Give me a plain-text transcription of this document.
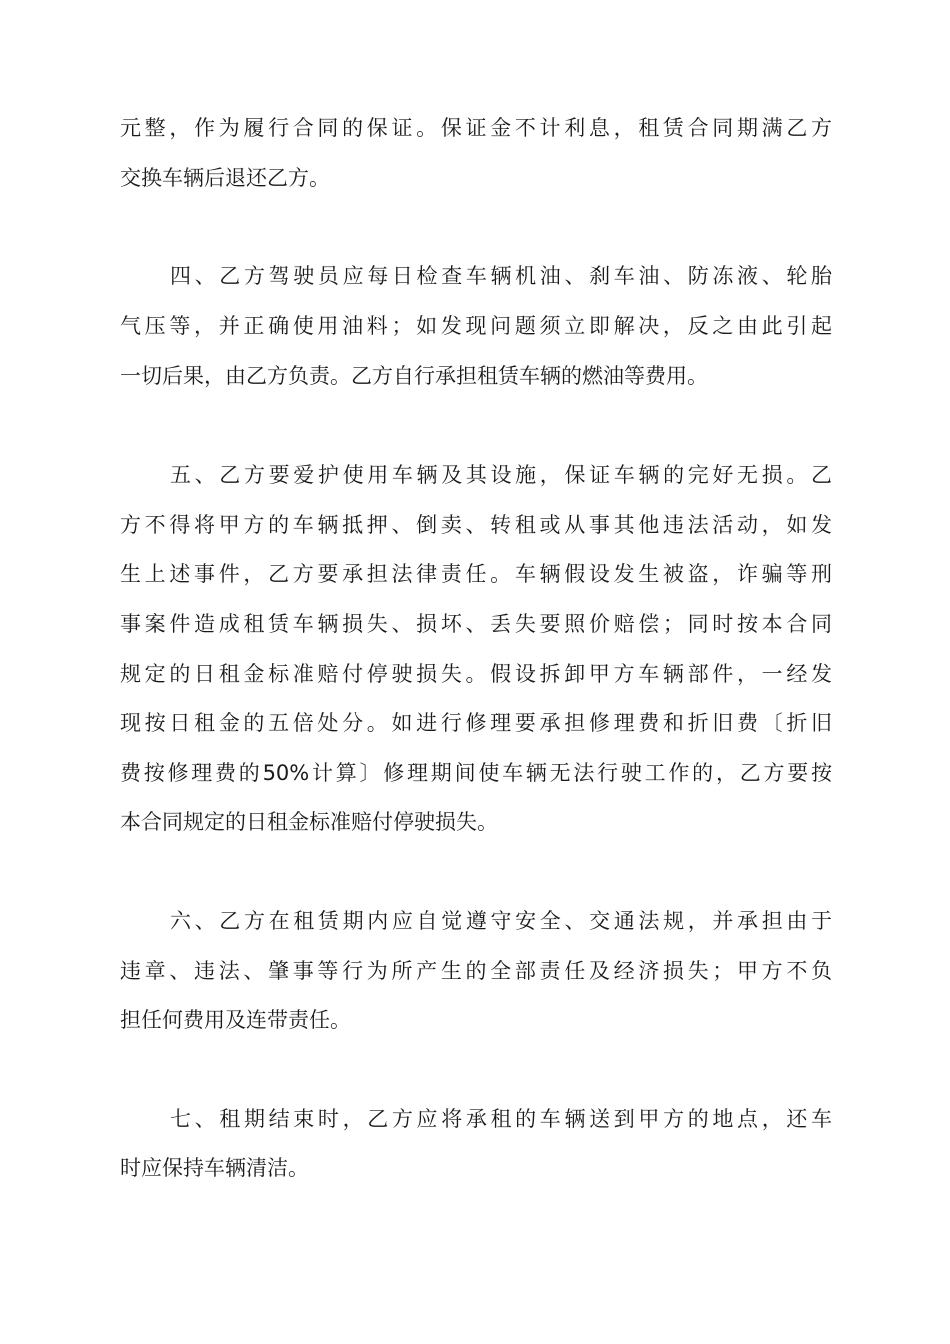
元整，作为履行合同的保证。保证金不计利息，租赁合同期满乙方
交换车辆后退还乙方。
四、乙方驾驶员应每日检查车辆机油、刹车油、防冻液、轮胎
气压等，并正确使用油料；如发现问题须立即解决，反之由此引起
一切后果，由乙方负责。乙方自行承担租赁车辆的燃油等费用。
五、乙方要爱护使用车辆及其设施，保证车辆的完好无损。乙
方不得将甲方的车辆抵押、倒卖、转租或从事其他违法活动，如发
生上述事件，乙方要承担法律责任。车辆假设发生被盗，诈骗等刑
事案件造成租赁车辆损失、损坏、丢失要照价赔偿；同时按本合同
规定的日租金标准赔付停驶损失。假设拆卸甲方车辆部件，一经发
现按日租金的五倍处分。如进行修理要承担修理费和折旧费〔折旧
费按修理费的50%计算〕修理期间使车辆无法行驶工作的，乙方要按
本合同规定的日租金标准赔付停驶损失。
六、乙方在租赁期内应自觉遵守安全、交通法规，并承担由于
违章、违法、肇事等行为所产生的全部责任及经济损失；甲方不负
担任何费用及连带责任。
七、租期结束时，乙方应将承租的车辆送到甲方的地点，还车
时应保持车辆清洁。
